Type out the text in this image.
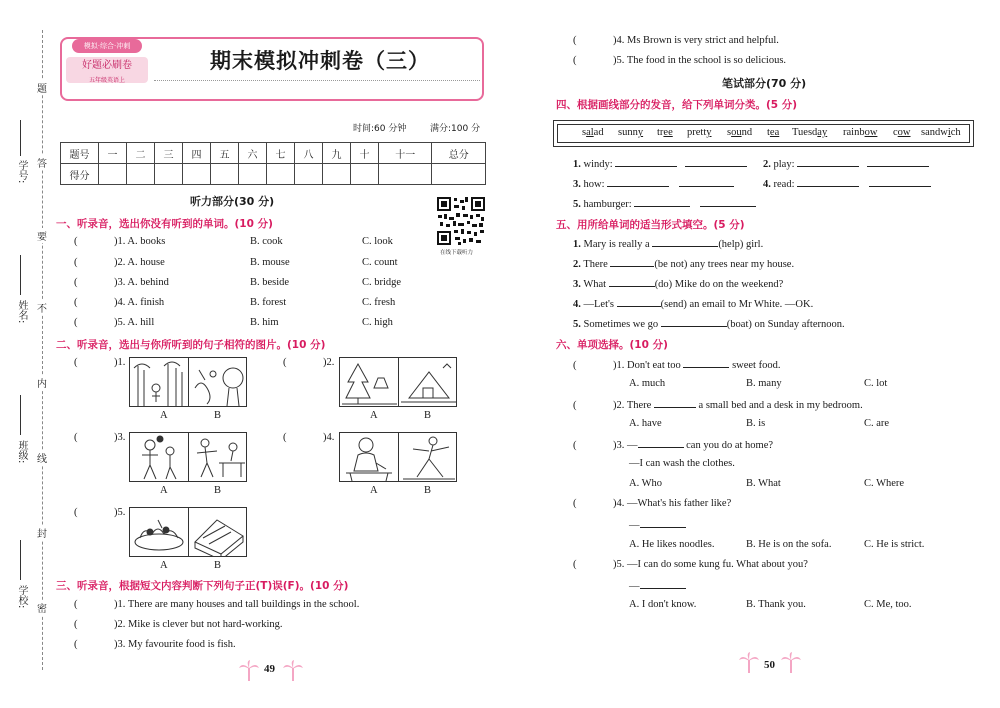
学号:
姓名:
班级:
学校:
题
答
要
不
内
线
封
密
模拟·综合·冲刺
好题必刷卷
五年级英语上
期末模拟冲刺卷（三）
时间:60 分钟	满分:100 分
题号	一	二	三	四	五	六	七	八	九	十	十一	总分
得分												
听力部分(30 分)
在线下载听力
一、听录音，选出你没有听到的单词。(10 分)
(	)1. A. books	B. cook	C. look
(	)2. A. house	B. mouse	C. count
(	)3. A. behind	B. beside	C. bridge
(	)4. A. finish	B. forest	C. fresh
(	)5. A. hill	B. him	C. high
二、听录音，选出与你所听到的句子相符的图片。(10 分)
(	)1.
A	B
(	)2.
A	B
(	)3.
A	B
(	)4.
A	B
(	)5.
A	B
三、听录音，根据短文内容判断下列句子正(T)误(F)。(10 分)
(	)1. There are many houses and tall buildings in the school.
(	)2. Mike is clever but not hard-working.
(	)3. My favourite food is fish.
49
(	)4. Ms Brown is very strict and helpful.
(	)5. The food in the school is so delicious.
笔试部分(70 分)
四、根据画线部分的发音，给下列单词分类。(5 分)
salad sunny tree pretty sound tea Tuesday rainbow cow sandwich
1. windy:	2. play:
3. how:	4. read:
5. hamburger:
五、用所给单词的适当形式填空。(5 分)
1. Mary is really a	(help) girl.
2. There	(be not) any trees near my house.
3. What	(do) Mike do on the weekend?
4. —Let's	(send) an email to Mr White. —OK.
5. Sometimes we go	(boat) on Sunday afternoon.
六、单项选择。(10 分)
(	)1. Don't eat too	sweet food.
A. much	B. many	C. lot
(	)2. There	a small bed and a desk in my bedroom.
A. have	B. is	C. are
(	)3. —	can you do at home?
—I can wash the clothes.
A. Who	B. What	C. Where
(	)4. —What's his father like?
—
A. He likes noodles.	B. He is on the sofa.	C. He is strict.
(	)5. —I can do some kung fu. What about you?
—
A. I don't know.	B. Thank you.	C. Me, too.
50
